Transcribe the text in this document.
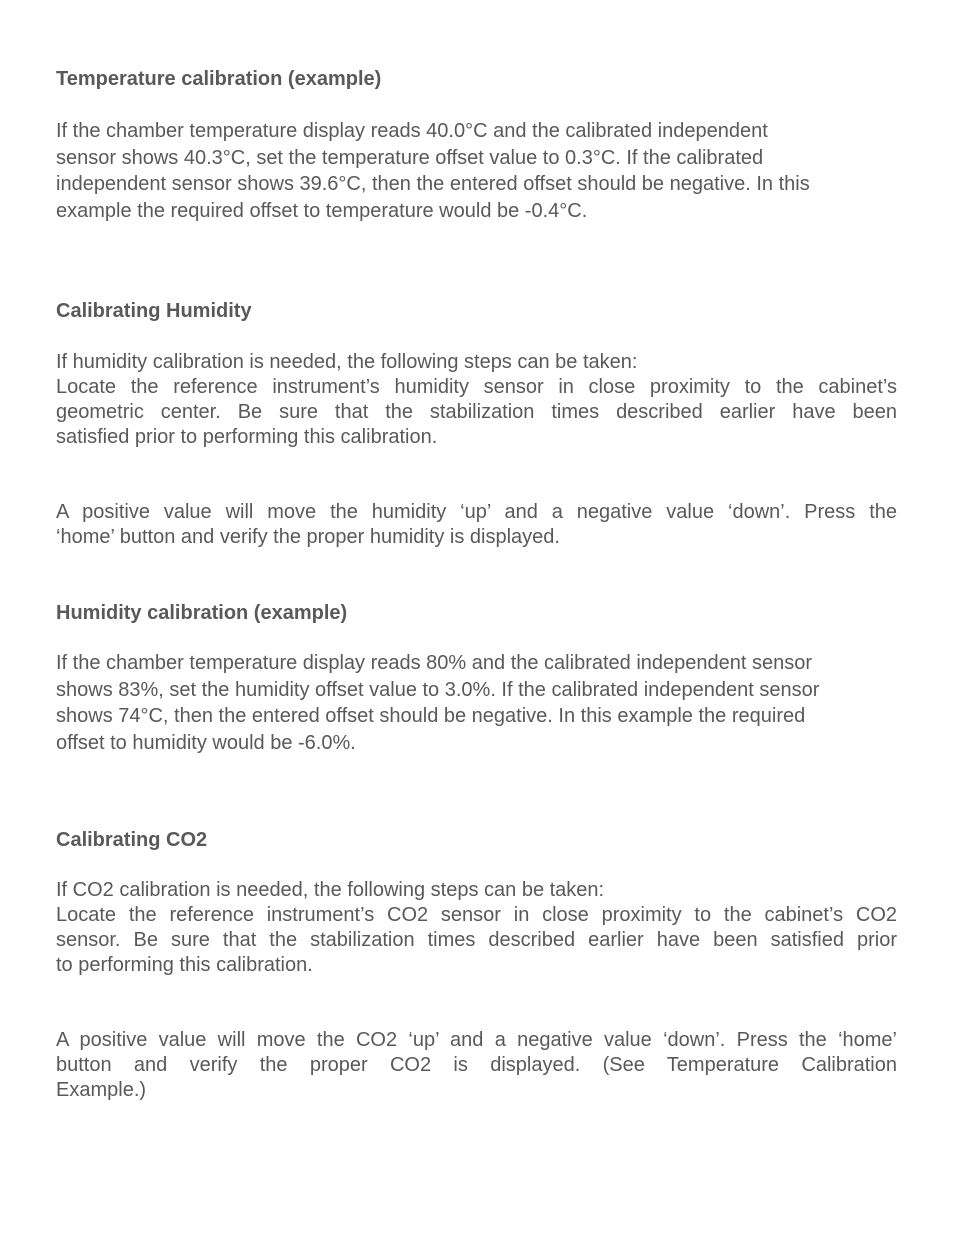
Temperature calibration (example)
If the chamber temperature display reads 40.0°C and the calibrated independent
sensor shows 40.3°C, set the temperature offset value to 0.3°C. If the calibrated
independent sensor shows 39.6°C, then the entered offset should be negative. In this
example the required offset to temperature would be -0.4°C.
Calibrating Humidity
If humidity calibration is needed, the following steps can be taken:
Locate the reference instrument’s humidity sensor in close proximity to the cabinet’s
geometric center. Be sure that the stabilization times described earlier have been
satisfied prior to performing this calibration.
A positive value will move the humidity ‘up’ and a negative value ‘down’. Press the
‘home’ button and verify the proper humidity is displayed.
Humidity calibration (example)
If the chamber temperature display reads 80% and the calibrated independent sensor
shows 83%, set the humidity offset value to 3.0%. If the calibrated independent sensor
shows 74°C, then the entered offset should be negative. In this example the required
offset to humidity would be -6.0%.
Calibrating CO2
If CO2 calibration is needed, the following steps can be taken:
Locate the reference instrument’s CO2 sensor in close proximity to the cabinet’s CO2
sensor. Be sure that the stabilization times described earlier have been satisfied prior
to performing this calibration.
A positive value will move the CO2 ‘up’ and a negative value ‘down’. Press the ‘home’
button and verify the proper CO2 is displayed. (See Temperature Calibration
Example.)
